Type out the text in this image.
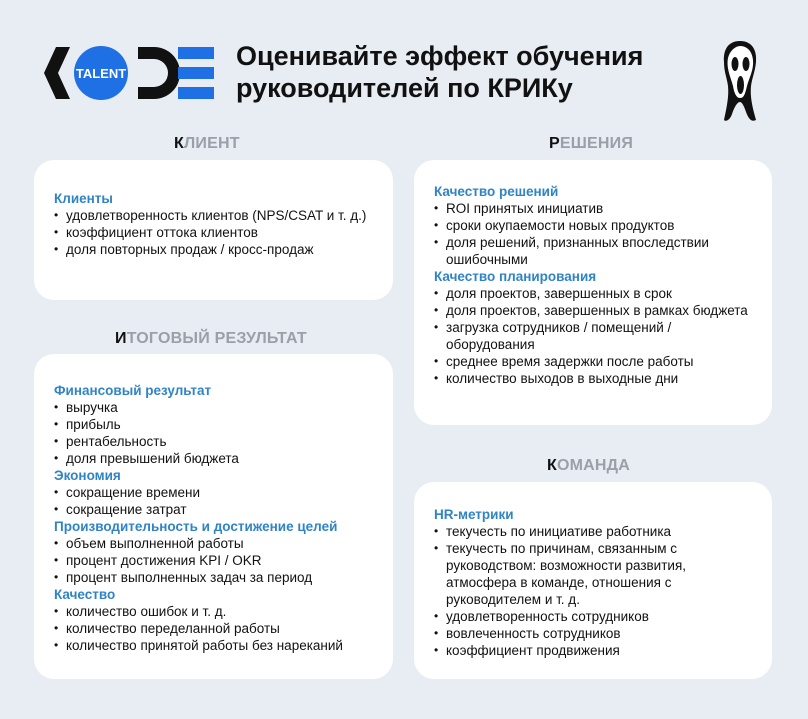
TALENT
Оценивайте эффект обучения
руководителей по КРИКу
КЛИЕНТ	РЕШЕНИЯ
ИТОГОВЫЙ РЕЗУЛЬТАТ
КОМАНДА
Клиенты
• удовлетворенность клиентов (NPS/CSAT и т. д.)
• коэффициент оттока клиентов
• доля повторных продаж / кросс-продаж
Качество решений
• ROI принятых инициатив
• сроки окупаемости новых продуктов
• доля решений, признанных впоследствии ошибочными
Качество планирования
• доля проектов, завершенных в срок
• доля проектов, завершенных в рамках бюджета
• загрузка сотрудников / помещений / оборудования
• среднее время задержки после работы
• количество выходов в выходные дни
Финансовый результат
• выручка
• прибыль
• рентабельность
• доля превышений бюджета
Экономия
• сокращение времени
• сокращение затрат
Производительность и достижение целей
• объем выполненной работы
• процент достижения KPI / OKR
• процент выполненных задач за период
Качество
• количество ошибок и т. д.
• количество переделанной работы
• количество принятой работы без нареканий
HR-метрики
• текучесть по инициативе работника
• текучесть по причинам, связанным с руководством: возможности развития, атмосфера в команде, отношения с руководителем и т. д.
• удовлетворенность сотрудников
• вовлеченность сотрудников
• коэффициент продвижения
